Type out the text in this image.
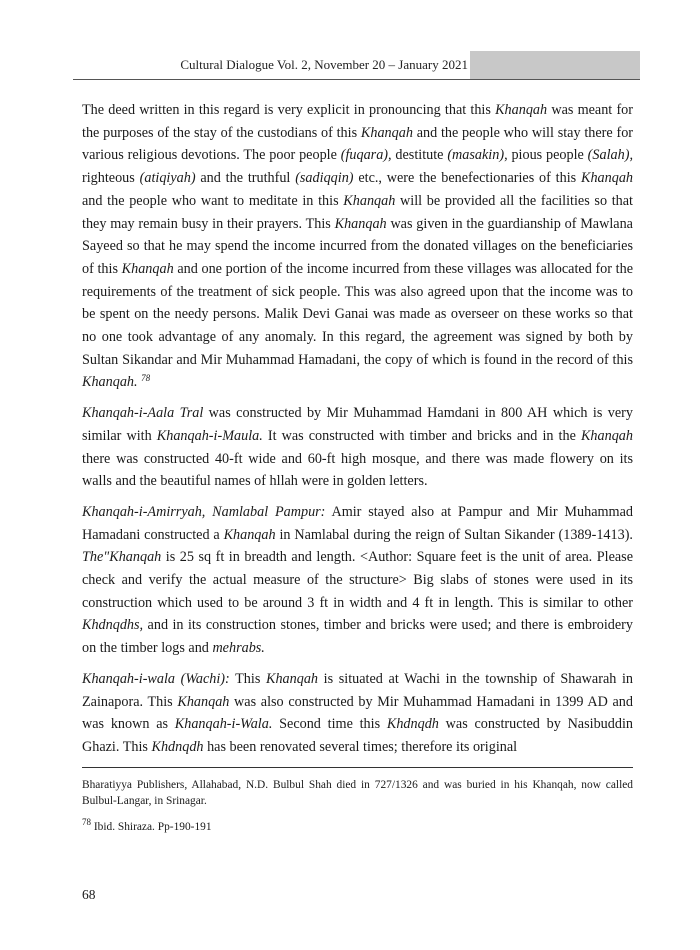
Cultural Dialogue Vol. 2, November 20 – January 2021

The deed written in this regard is very explicit in pronouncing that this Khanqah was meant for the purposes of the stay of the custodians of this Khanqah and the people who will stay there for various religious devotions. The poor people (fuqara), destitute (masakin), pious people (Salah), righteous (atiqiyah) and the truthful (sadiqqin) etc., were the benefectionaries of this Khanqah and the people who want to meditate in this Khanqah will be provided all the facilities so that they may remain busy in their prayers. This Khanqah was given in the guardianship of Mawlana Sayeed so that he may spend the income incurred from the donated villages on the beneficiaries of this Khanqah and one portion of the income incurred from these villages was allocated for the requirements of the treatment of sick people. This was also agreed upon that the income was to be spent on the needy persons. Malik Devi Ganai was made as overseer on these works so that no one took advantage of any anomaly. In this regard, the agreement was signed by both by Sultan Sikandar and Mir Muhammad Hamadani, the copy of which is found in the record of this Khanqah. $^{78}$

Khanqah-i-Aala Tral was constructed by Mir Muhammad Hamdani in 800 AH which is very similar with Khanqah-i-Maula. It was constructed with timber and bricks and in the Khanqah there was constructed 40-ft wide and 60-ft high mosque, and there was made flowery on its walls and the beautiful names of hllah were in golden letters.

Khanqah-i-Amirryah, Namlabal Pampur: Amir stayed also at Pampur and Mir Muhammad Hamadani constructed a Khanqah in Namlabal during the reign of Sultan Sikander (1389-1413). The"Khanqah is 25 sq ft in breadth and length. <Author: Square feet is the unit of area. Please check and verify the actual measure of the structure> Big slabs of stones were used in its construction which used to be around 3 ft in width and 4 ft in length. This is similar to other Khdnqdhs, and in its construction stones, timber and bricks were used; and there is embroidery on the timber logs and mehrabs.

Khanqah-i-wala (Wachi): This Khanqah is situated at Wachi in the township of Shawarah in Zainapora. This Khanqah was also constructed by Mir Muhammad Hamadani in 1399 AD and was known as Khanqah-i-Wala. Second time this Khdnqdh was constructed by Nasibuddin Ghazi. This Khdnqdh has been renovated several times; therefore its original

Bharatiyya Publishers, Allahabad, N.D. Bulbul Shah died in 727/1326 and was buried in his Khanqah, now called Bulbul-Langar, in Srinagar.

$^{78}$ Ibid. Shiraza. Pp-190-191

68
